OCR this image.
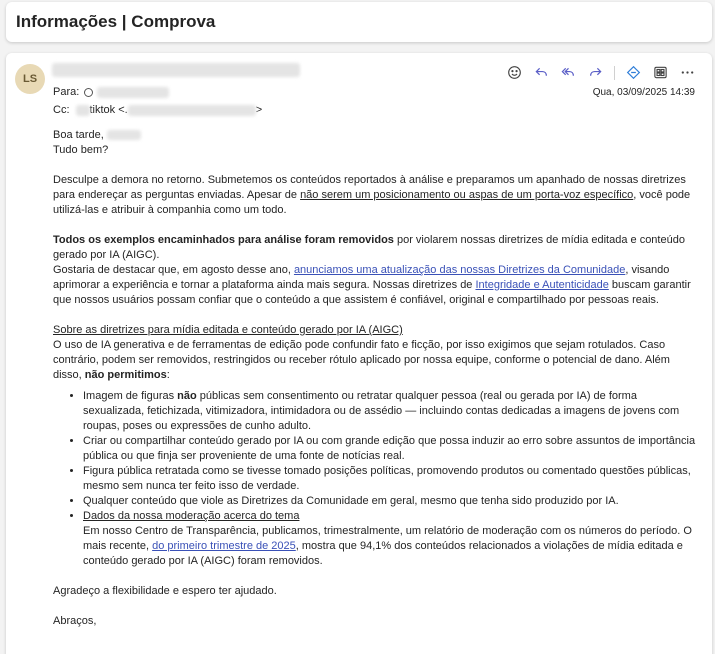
Informações | Comprova
LS
Para:
Cc: tiktok <.	>
Qua, 03/09/2025 14:39

Boa tarde,

Tudo bem?

Desculpe a demora no retorno. Submetemos os conteúdos reportados à análise e preparamos um apanhado de nossas diretrizes para endereçar as perguntas enviadas. Apesar de não serem um posicionamento ou aspas de um porta-voz específico, você pode utilizá-las e atribuir à companhia como um todo.

Todos os exemplos encaminhados para análise foram removidos por violarem nossas diretrizes de mídia editada e conteúdo gerado por IA (AIGC).

Gostaria de destacar que, em agosto desse ano, anunciamos uma atualização das nossas Diretrizes da Comunidade, visando aprimorar a experiência e tornar a plataforma ainda mais segura. Nossas diretrizes de Integridade e Autenticidade buscam garantir que nossos usuários possam confiar que o conteúdo a que assistem é confiável, original e compartilhado por pessoas reais.

Sobre as diretrizes para mídia editada e conteúdo gerado por IA (AIGC)

O uso de IA generativa e de ferramentas de edição pode confundir fato e ficção, por isso exigimos que sejam rotulados. Caso contrário, podem ser removidos, restringidos ou receber rótulo aplicado por nossa equipe, conforme o potencial de dano. Além disso, não permitimos:

• Imagem de figuras não públicas sem consentimento ou retratar qualquer pessoa (real ou gerada por IA) de forma sexualizada, fetichizada, vitimizadora, intimidadora ou de assédio — incluindo contas dedicadas a imagens de jovens com roupas, poses ou expressões de cunho adulto.
• Criar ou compartilhar conteúdo gerado por IA ou com grande edição que possa induzir ao erro sobre assuntos de importância pública ou que finja ser proveniente de uma fonte de notícias real.
• Figura pública retratada como se tivesse tomado posições políticas, promovendo produtos ou comentado questões públicas, mesmo sem nunca ter feito isso de verdade.
• Qualquer conteúdo que viole as Diretrizes da Comunidade em geral, mesmo que tenha sido produzido por IA.
• Dados da nossa moderação acerca do tema
Em nosso Centro de Transparência, publicamos, trimestralmente, um relatório de moderação com os números do período. O mais recente, do primeiro trimestre de 2025, mostra que 94,1% dos conteúdos relacionados a violações de mídia editada e conteúdo gerado por IA (AIGC) foram removidos.

Agradeço a flexibilidade e espero ter ajudado.

Abraços,
